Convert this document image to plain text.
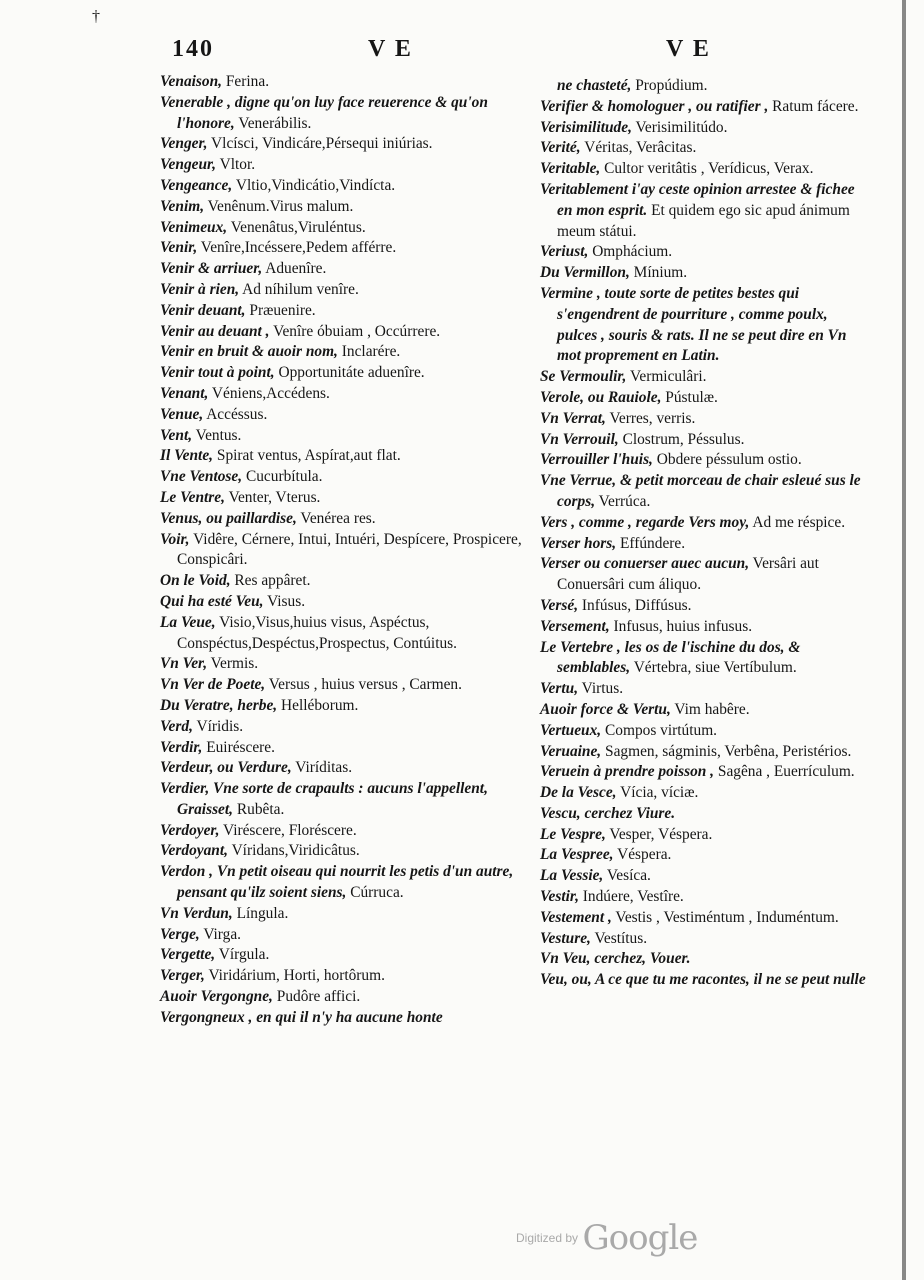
†
140	V E	V E

Venaison, Ferina.

Venerable , digne qu'on luy face reuerence & qu'on l'honore, Venerábilis.

Venger, Vlcísci, Vindicáre,Pérsequi iniúrias.

Vengeur, Vltor.

Vengeance, Vltio,Vindicátio,Vindícta.

Venim, Venênum.Virus malum.

Venimeux, Venenâtus,Viruléntus.

Venir, Venîre,Incéssere,Pedem afférre.

Venir & arriuer, Aduenîre.

Venir à rien, Ad níhilum venîre.

Venir deuant, Præuenire.

Venir au deuant , Venîre óbuiam , Occúrrere.

Venir en bruit & auoir nom, Inclarére.

Venir tout à point, Opportunitáte aduenîre.

Venant, Véniens,Accédens.

Venue, Accéssus.

Vent, Ventus.

Il Vente, Spirat ventus, Aspírat,aut flat.

Vne Ventose, Cucurbítula.

Le Ventre, Venter, Vterus.

Venus, ou paillardise, Venérea res.

Voir, Vidêre, Cérnere, Intui, Intuéri, Despícere, Prospicere, Conspicâri.

On le Void, Res appâret.

Qui ha esté Veu, Visus.

La Veue, Visio,Visus,huius visus, Aspéctus, Conspéctus,Despéctus,Prospectus, Contúitus.

Vn Ver, Vermis.

Vn Ver de Poete, Versus , huius versus , Carmen.

Du Veratre, herbe, Helléborum.

Verd, Víridis.

Verdir, Euiréscere.

Verdeur, ou Verdure, Viríditas.

Verdier, Vne sorte de crapaults : aucuns l'appellent, Graisset, Rubêta.

Verdoyer, Viréscere, Floréscere.

Verdoyant, Víridans,Viridicâtus.

Verdon , Vn petit oiseau qui nourrit les petis d'un autre, pensant qu'ilz soient siens, Cúrruca.

Vn Verdun, Língula.

Verge, Virga.

Vergette, Vírgula.

Verger, Viridárium, Horti, hortôrum.

Auoir Vergongne, Pudôre affici.

Vergongneux , en qui il n'y ha aucune honte

ne chasteté, Propúdium.

Verifier & homologuer , ou ratifier , Ratum fácere.

Verisimilitude, Verisimilitúdo.

Verité, Véritas, Verâcitas.

Veritable, Cultor veritâtis , Verídicus, Verax.

Veritablement i'ay ceste opinion arrestee & fichee en mon esprit. Et quidem ego sic apud ánimum meum státui.

Veriust, Omphácium.

Du Vermillon, Mínium.

Vermine , toute sorte de petites bestes qui s'engendrent de pourriture , comme poulx, pulces , souris & rats. Il ne se peut dire en Vn mot proprement en Latin.

Se Vermoulir, Vermiculâri.

Verole, ou Rauiole, Pústulæ.

Vn Verrat, Verres, verris.

Vn Verrouil, Clostrum, Péssulus.

Verrouiller l'huis, Obdere péssulum ostio.

Vne Verrue, & petit morceau de chair esleué sus le corps, Verrúca.

Vers , comme , regarde Vers moy, Ad me réspice.

Verser hors, Effúndere.

Verser ou conuerser auec aucun, Versâri aut Conuersâri cum áliquo.

Versé, Infúsus, Diffúsus.

Versement, Infusus, huius infusus.

Le Vertebre , les os de l'ischine du dos, & semblables, Vértebra, siue Vertíbulum.

Vertu, Virtus.

Auoir force & Vertu, Vim habêre.

Vertueux, Compos virtútum.

Veruaine, Sagmen, ságminis, Verbêna, Peristérios.

Veruein à prendre poisson , Sagêna , Euerrículum.

De la Vesce, Vícia, víciæ.

Vescu, cerchez Viure.

Le Vespre, Vesper, Véspera.

La Vespree, Véspera.

La Vessie, Vesíca.

Vestir, Indúere, Vestîre.

Vestement , Vestis , Vestiméntum , Induméntum.

Vesture, Vestítus.

Vn Veu, cerchez, Vouer.

Veu, ou, A ce que tu me racontes, il ne se peut nulle

Digitized by Google
